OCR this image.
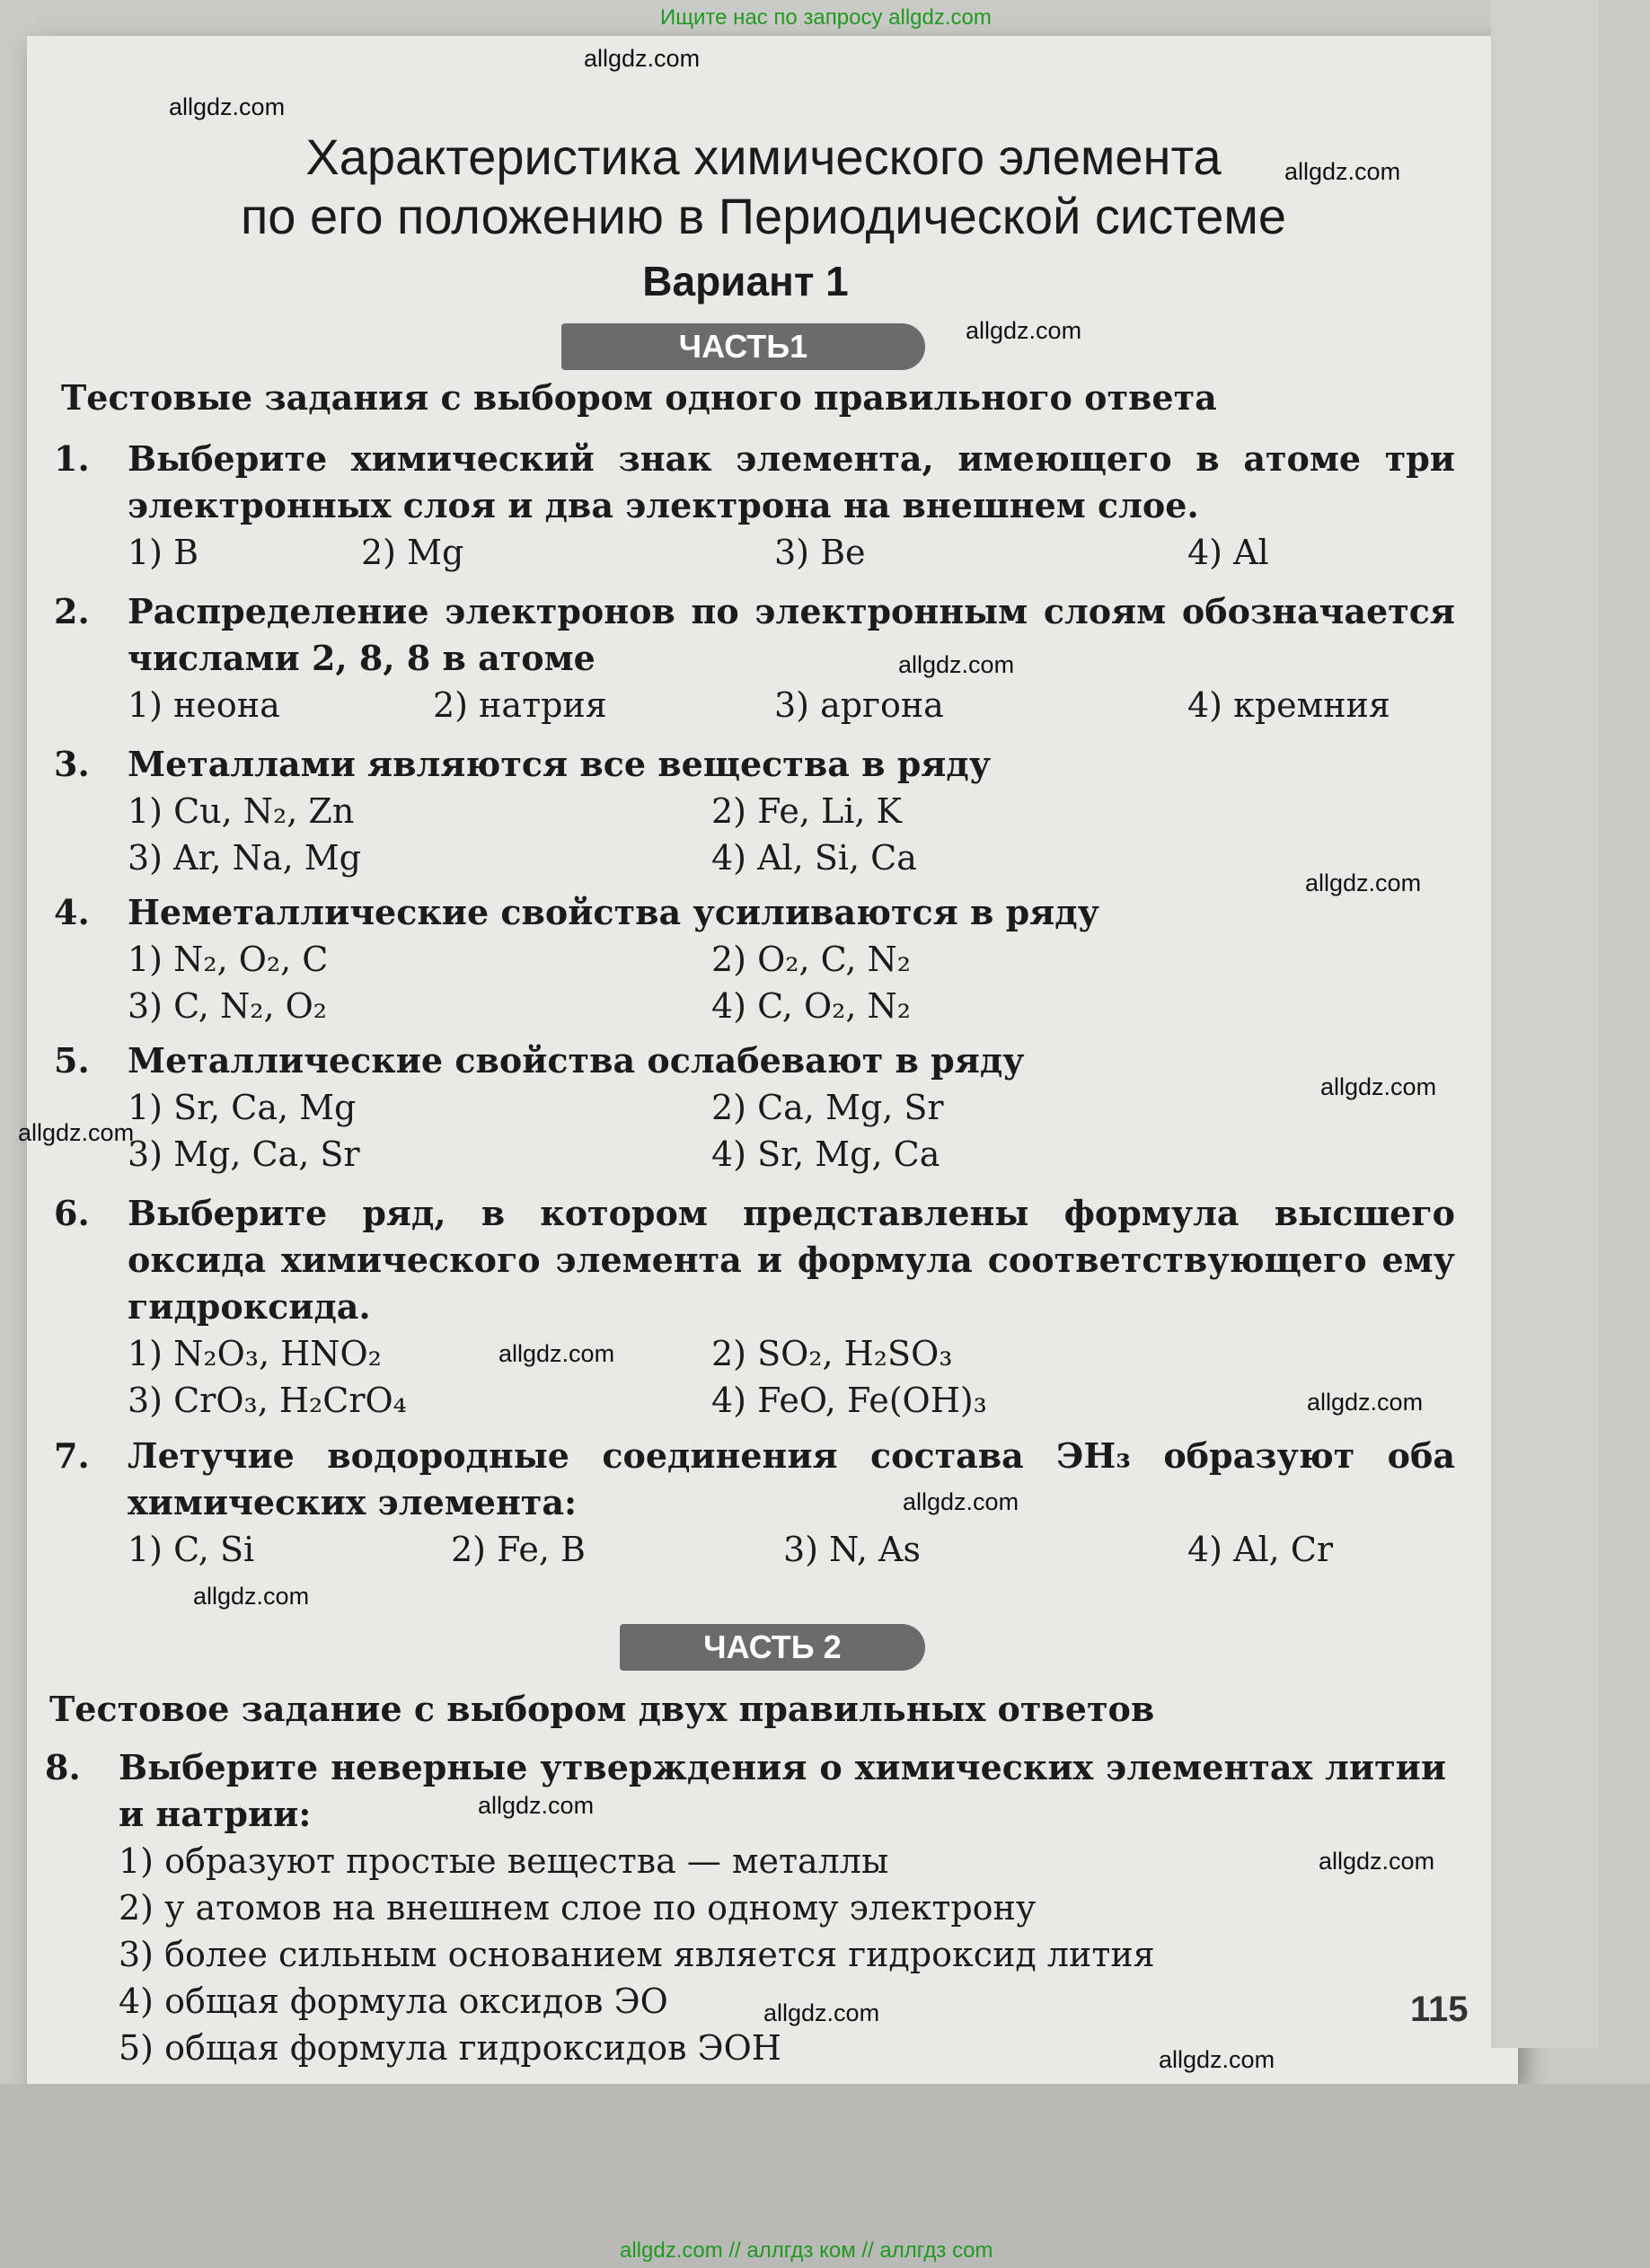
Ищите нас по запросу allgdz.com
allgdz.com
allgdz.com
allgdz.com
allgdz.com
allgdz.com
allgdz.com
allgdz.com
allgdz.com
allgdz.com
allgdz.com
allgdz.com
allgdz.com
allgdz.com
allgdz.com
allgdz.com
allgdz.com
Характеристика химического элемента
по его положению в Периодической системе
Вариант 1
ЧАСТЬ1
Тестовые задания с выбором одного правильного ответа
1. Выберите химический знак элемента, имеющего в атоме три электронных слоя и два электрона на внешнем слое.
1) B	2) Mg	3) Be	4) Al
2. Распределение электронов по электронным слоям обозначается числами 2, 8, 8 в атоме
1) неона	2) натрия	3) аргона	4) кремния
3. Металлами являются все вещества в ряду
1) Cu, N₂, Zn	2) Fe, Li, K
3) Ar, Na, Mg	4) Al, Si, Ca
4. Неметаллические свойства усиливаются в ряду
1) N₂, O₂, C	2) O₂, C, N₂
3) C, N₂, O₂	4) C, O₂, N₂
5. Металлические свойства ослабевают в ряду
1) Sr, Ca, Mg	2) Ca, Mg, Sr
3) Mg, Ca, Sr	4) Sr, Mg, Ca
6. Выберите ряд, в котором представлены формула высшего оксида химического элемента и формула соответствующего ему гидроксида.
1) N₂O₃, HNO₂	2) SO₂, H₂SO₃
3) CrO₃, H₂CrO₄	4) FeO, Fe(OH)₃
7. Летучие водородные соединения состава ЭН₃ образуют оба химических элемента:
1) C, Si	2) Fe, B	3) N, As	4) Al, Cr
ЧАСТЬ 2
Тестовое задание с выбором двух правильных ответов
8. Выберите неверные утверждения о химических элементах литии и натрии:
1) образуют простые вещества — металлы
2) у атомов на внешнем слое по одному электрону
3) более сильным основанием является гидроксид лития
4) общая формула оксидов ЭО
5) общая формула гидроксидов ЭОН
115
allgdz.com // аллгдз ком // аллгдз com
